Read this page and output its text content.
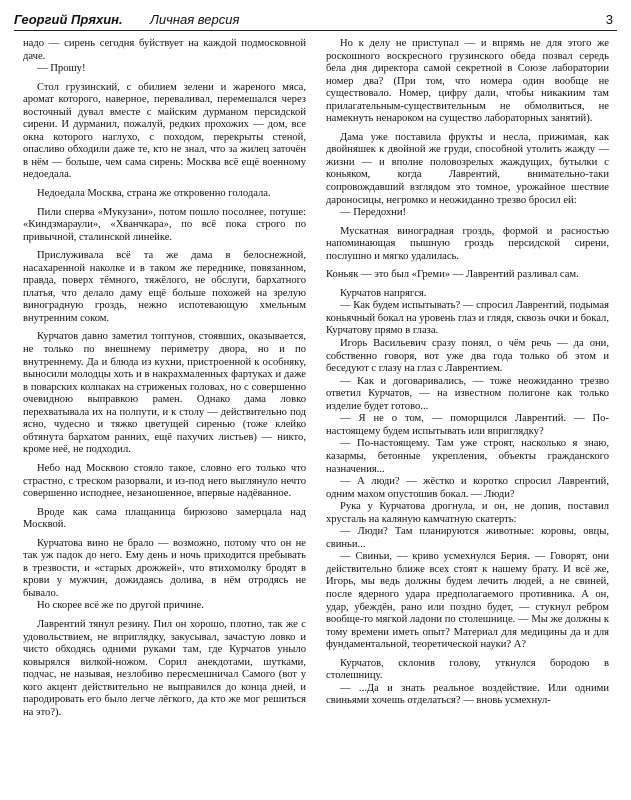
Георгий Пряхин. Личная версия	3

надо — сирень сегодня буйствует на каждой подмосковной даче.

— Прошу!

Стол грузинский, с обилием зелени и жареного мяса, аромат которого, наверное, переваливал, перемешался через восточный дувал вместе с майским дурманом персидской сирени. И дурманил, пожалуй, редких прохожих — дом, все окна которого наглухо, с походом, перекрыты стеной, опасливо обходили даже те, кто не знал, что за жилец заточён в нём — больше, чем сама сирень: Москва всё ещё военному недоедала.

Недоедала Москва, страна же откровенно голодала.

Пили сперва «Мукузани», потом пошло посолнее, потуше: «Киндзмараули», «Хванчкара», по всё пока строго по привычной, сталинской линейке.

Прислуживала всё та же дама в белоснежной, насахаренной наколке и в таком же переднике, повязанном, правда, поверх тёмного, тяжёлого, не обслуги, бархатного платья, что делало даму ещё больше похожей на зрелую виноградную гроздь, нежно испотевающую хмельным внутренним соком.

Курчатов давно заметил топтунов, стоявших, оказывается, не только по внешнему периметру двора, но и по внутреннему. Да и блюда из кухни, пристроенной к особняку, выносили молодцы хоть и в накрахмаленных фартуках и даже в поварских колпаках на стриженых головах, но с совершенно очевидною выправкою рамен. Однако дама ловко перехватывала их на полпути, и к столу — действительно под ясно, чудесно и тяжко цветущей сиренью (тоже клейко обтянута бархатом ранних, ещё пахучих листьев) — никто, кроме неё, не подходил.

Небо над Москвою стояло такое, словно его только что страстно, с треском разорвали, и из-под него выглянуло нечто совершенно исподнее, незаношенное, впервые надёванное.

Вроде как сама плащаница бирюзово замерцала над Москвой.

Курчатова вино не брало — возможно, потому что он не так уж падок до него. Ему день и ночь приходится пребывать в трезвости, и «старых дрожжей», что втихомолку бродят в крови у мужчин, дожидаясь долива, в нём отродясь не бывало.

Но скорее всё же по другой причине.

Лаврентий тянул резину. Пил он хорошо, плотно, так же с удовольствием, не вприглядку, закусывал, зачастую ловко и чисто обходясь одними руками там, где Курчатов уныло ковырялся вилкой-ножом. Сорил анекдотами, шутками, подчас, не называя, незлобиво пересмешничал Самого (вот у кого акцент действительно не выправился до конца дней, и пародировать его было легче лёгкого, да кто же мог решиться на это?).

Но к делу не приступал — и впрямь не для этого же роскошного воскресного грузинского обеда позвал середь бела дня директора самой секретной в Союзе лаборатории номер два? (При том, что номера один вообще не существовало. Номер, цифру дали, чтобы никакиим там прилагательным-существительным не обмолвиться, не намекнуть ненароком на существо лабораторных занятий).

Дама уже поставила фрукты и несла, прижимая, как двойняшек к двойной же груди, способной утолить жажду — жизни — и вполне половозрелых жаждущих, бутылки с коньяком, когда Лаврентий, внимательно-таки сопровождавший взглядом это томное, урожайное шествие дароносицы, негромко и неожиданно трезво бросил ей:

— Передохни!

Мускатная виноградная гроздь, формой и расностью напоминающая пышную гроздь персидской сирени, послушно и мягко удалилась.

Коньяк — это был «Греми» — Лаврентий разливал сам.

Курчатов напрягся.

— Как будем испытывать? — спросил Лаврентий, подымая коньячный бокал на уровень глаз и глядя, сквозь очки и бокал, Курчатову прямо в глаза.

Игорь Васильевич сразу понял, о чём речь — да они, собственно говоря, вот уже два года только об этом и беседуют с глазу на глаз с Лаврентием.

— Как и договаривались, — тоже неожиданно трезво ответил Курчатов, — на известном полигоне как только изделие будет готово...

— Я не о том, — поморщился Лаврентий. — По-настоящему будем испытывать или вприглядку?

— По-настоящему. Там уже строят, насколько я знаю, казармы, бетонные укрепления, объекты гражданского назначения...

— А люди? — жёстко и коротко спросил Лаврентий, одним махом опустошив бокал. — Люди?

Рука у Курчатова дрогнула, и он, не допив, поставил хрусталь на каляную камчатную скатерть:

— Люди? Там планируются животные: коровы, овцы, свиньи...

— Свиньи, — криво усмехнулся Берия. — Говорят, они действительно ближе всех стоят к нашему брату. И всё же, Игорь, мы ведь должны будем лечить людей, а не свиней, после ядерного удара предполагаемого противника. А он, удар, убеждён, рано или поздно будет, — стукнул ребром вообще-то мягкой ладони по столешнице. — Мы же должны к тому времени иметь опыт? Материал для медицины да и для фундаментальной, теоретической науки? А?

Курчатов, склонив голову, уткнулся бородою в столешницу.

— ...Да и знать реальное воздействие. Или одними свиньями хочешь отделаться? — вновь усмехнул-
